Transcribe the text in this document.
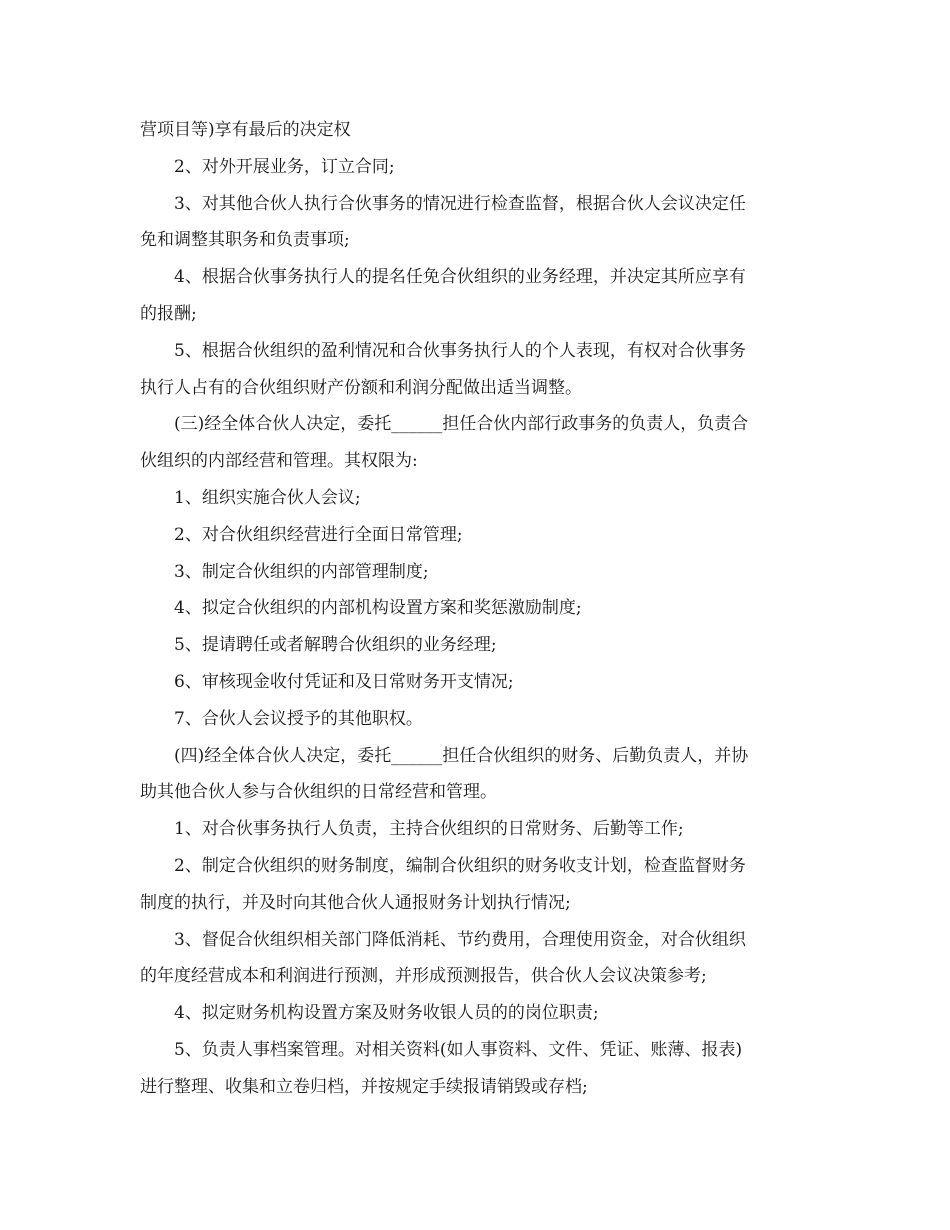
营项目等)享有最后的决定权

2、对外开展业务，订立合同;

3、对其他合伙人执行合伙事务的情况进行检查监督，根据合伙人会议决定任

免和调整其职务和负责事项;

4、根据合伙事务执行人的提名任免合伙组织的业务经理，并决定其所应享有

的报酬;

5、根据合伙组织的盈利情况和合伙事务执行人的个人表现，有权对合伙事务

执行人占有的合伙组织财产份额和利润分配做出适当调整。

(三)经全体合伙人决定，委托______担任合伙内部行政事务的负责人，负责合

伙组织的内部经营和管理。其权限为:

1、组织实施合伙人会议;

2、对合伙组织经营进行全面日常管理;

3、制定合伙组织的内部管理制度;

4、拟定合伙组织的内部机构设置方案和奖惩激励制度;

5、提请聘任或者解聘合伙组织的业务经理;

6、审核现金收付凭证和及日常财务开支情况;

7、合伙人会议授予的其他职权。

(四)经全体合伙人决定，委托______担任合伙组织的财务、后勤负责人，并协

助其他合伙人参与合伙组织的日常经营和管理。

1、对合伙事务执行人负责，主持合伙组织的日常财务、后勤等工作;

2、制定合伙组织的财务制度，编制合伙组织的财务收支计划，检查监督财务

制度的执行，并及时向其他合伙人通报财务计划执行情况;

3、督促合伙组织相关部门降低消耗、节约费用，合理使用资金，对合伙组织

的年度经营成本和利润进行预测，并形成预测报告，供合伙人会议决策参考;

4、拟定财务机构设置方案及财务收银人员的的岗位职责;

5、负责人事档案管理。对相关资料(如人事资料、文件、凭证、账薄、报表)

进行整理、收集和立卷归档，并按规定手续报请销毁或存档;
